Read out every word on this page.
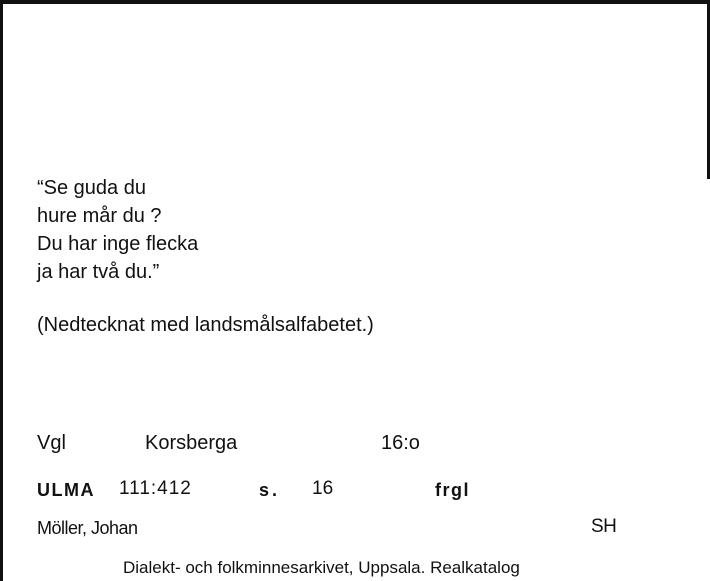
“Se guda du
hure mår du ?
Du har inge flecka
ja har två du.”
(Nedtecknat med landsmålsalfabetet.)
Vgl	Korsberga	16:o
ULMA 111:412	s. 16	frgl
Möller, Johan	SH
Dialekt- och folkminnesarkivet, Uppsala. Realkatalog
